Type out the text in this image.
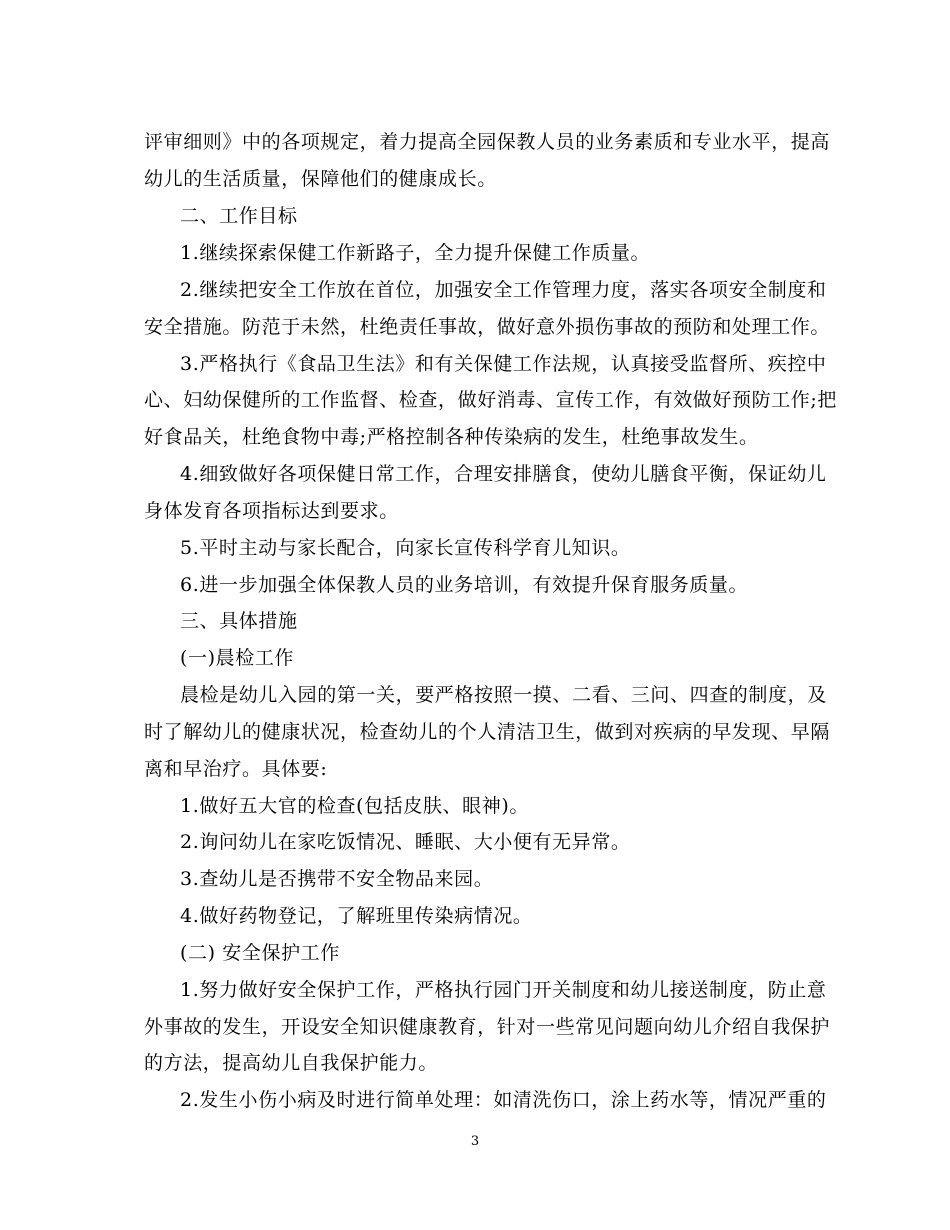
评审细则》中的各项规定，着力提高全园保教人员的业务素质和专业水平，提高
幼儿的生活质量，保障他们的健康成长。
二、工作目标
1.继续探索保健工作新路子，全力提升保健工作质量。
2.继续把安全工作放在首位，加强安全工作管理力度，落实各项安全制度和
安全措施。防范于未然，杜绝责任事故，做好意外损伤事故的预防和处理工作。
3.严格执行《食品卫生法》和有关保健工作法规，认真接受监督所、疾控中
心、妇幼保健所的工作监督、检查，做好消毒、宣传工作，有效做好预防工作;把
好食品关，杜绝食物中毒;严格控制各种传染病的发生，杜绝事故发生。
4.细致做好各项保健日常工作，合理安排膳食，使幼儿膳食平衡，保证幼儿
身体发育各项指标达到要求。
5.平时主动与家长配合，向家长宣传科学育儿知识。
6.进一步加强全体保教人员的业务培训，有效提升保育服务质量。
三、具体措施
(一)晨检工作
晨检是幼儿入园的第一关，要严格按照一摸、二看、三问、四查的制度，及
时了解幼儿的健康状况，检查幼儿的个人清洁卫生，做到对疾病的早发现、早隔
离和早治疗。具体要:
1.做好五大官的检查(包括皮肤、眼神)。
2.询问幼儿在家吃饭情况、睡眠、大小便有无异常。
3.查幼儿是否携带不安全物品来园。
4.做好药物登记，了解班里传染病情况。
(二) 安全保护工作
1.努力做好安全保护工作，严格执行园门开关制度和幼儿接送制度，防止意
外事故的发生，开设安全知识健康教育，针对一些常见问题向幼儿介绍自我保护
的方法，提高幼儿自我保护能力。
2.发生小伤小病及时进行简单处理：如清洗伤口，涂上药水等，情况严重的
3
